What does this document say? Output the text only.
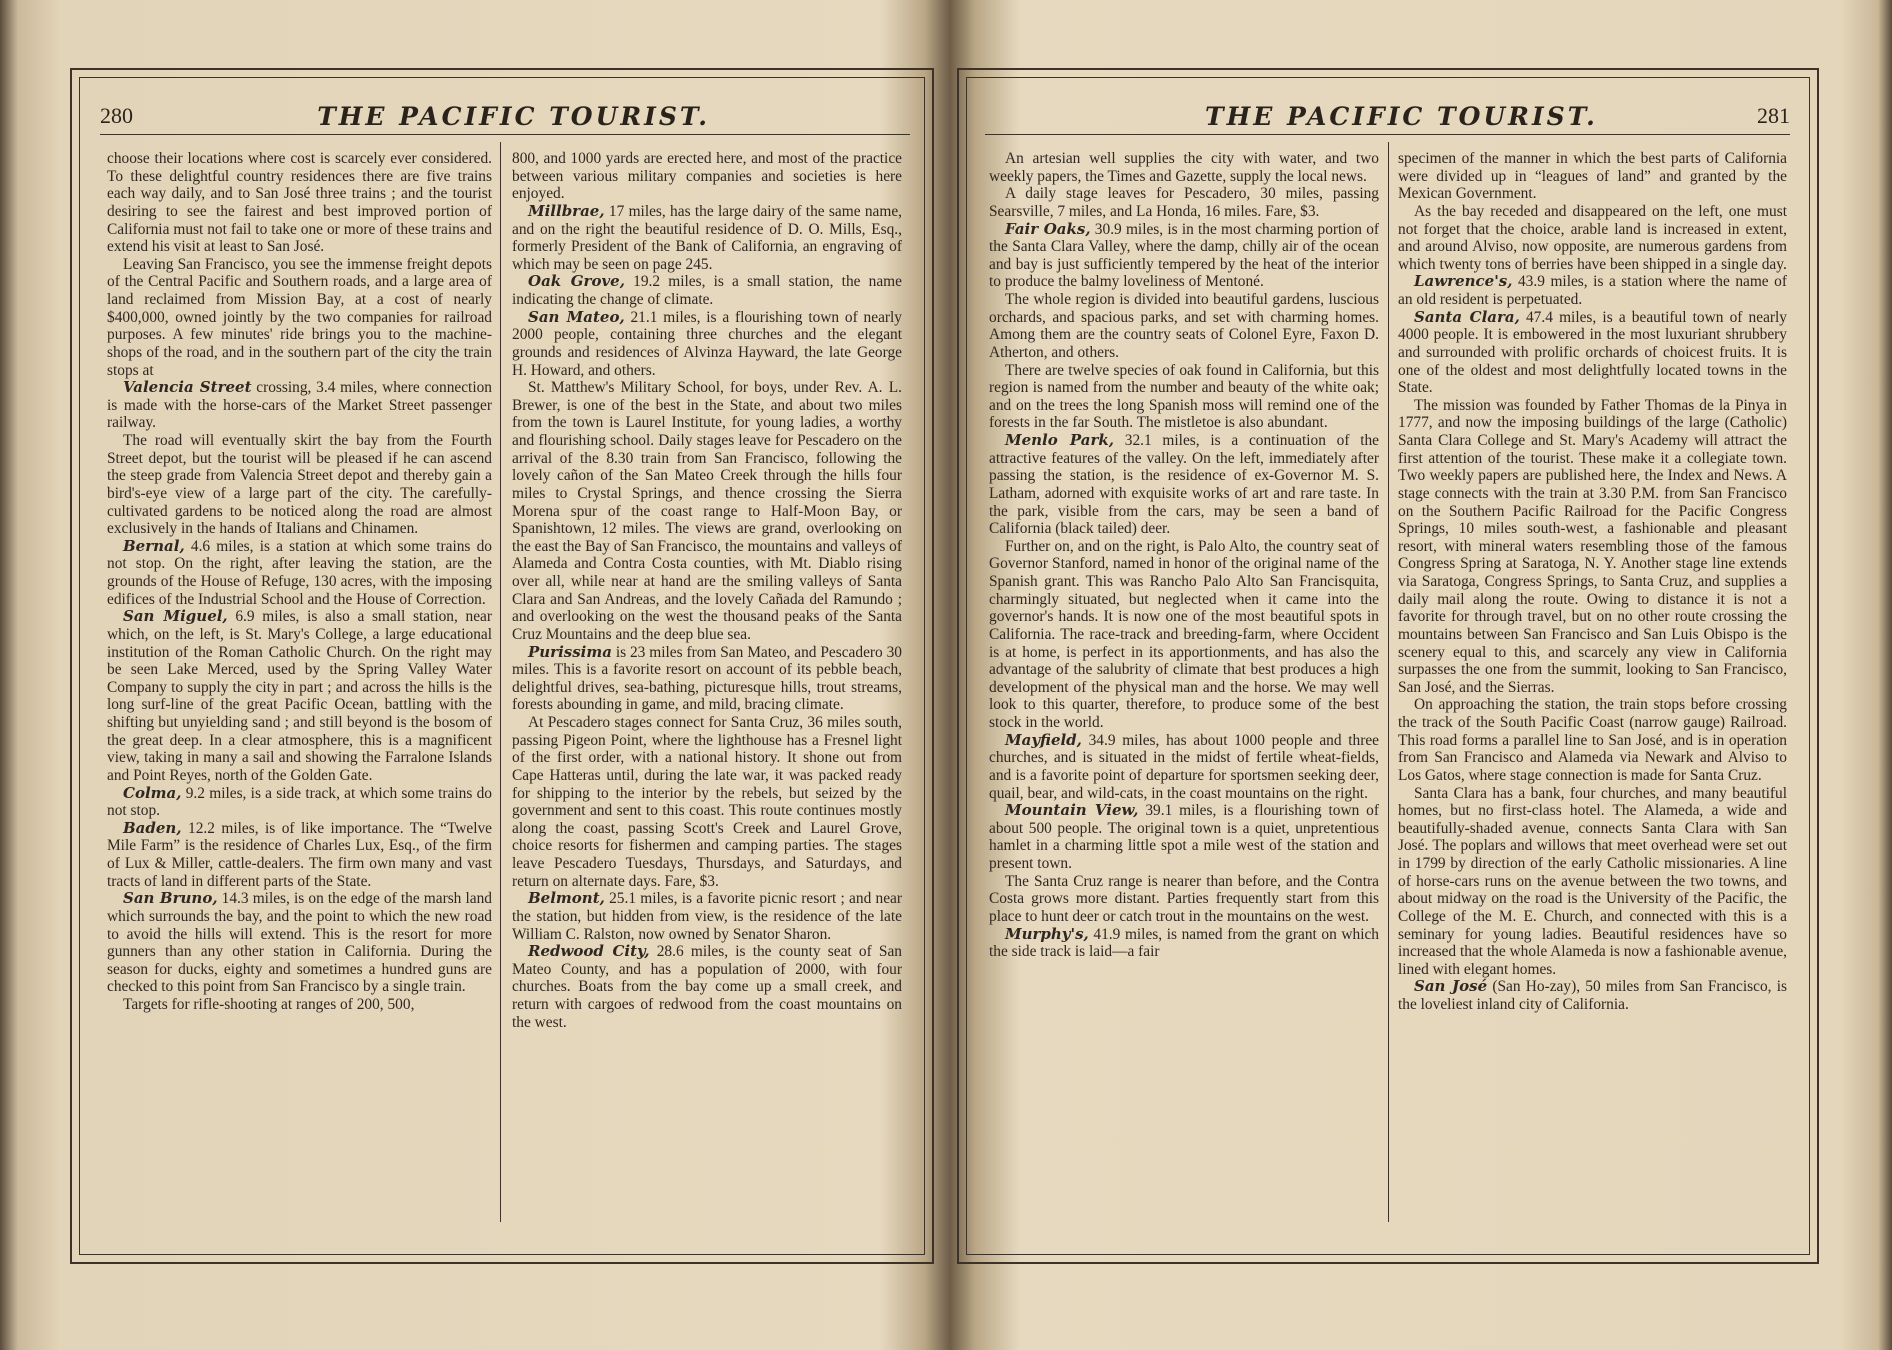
280	THE PACIFIC TOURIST.	THE PACIFIC TOURIST.	281

choose their locations where cost is scarcely ever considered. To these delightful country residences there are five trains each way daily, and to San José three trains ; and the tourist desiring to see the fairest and best improved portion of California must not fail to take one or more of these trains and extend his visit at least to San José.

Leaving San Francisco, you see the immense freight depots of the Central Pacific and Southern roads, and a large area of land reclaimed from Mission Bay, at a cost of nearly $400,000, owned jointly by the two companies for railroad purposes. A few minutes' ride brings you to the machine-shops of the road, and in the southern part of the city the train stops at

Valencia Street crossing, 3.4 miles, where connection is made with the horse-cars of the Market Street passenger railway.

The road will eventually skirt the bay from the Fourth Street depot, but the tourist will be pleased if he can ascend the steep grade from Valencia Street depot and thereby gain a bird's-eye view of a large part of the city. The carefully-cultivated gardens to be noticed along the road are almost exclusively in the hands of Italians and Chinamen.

Bernal, 4.6 miles, is a station at which some trains do not stop. On the right, after leaving the station, are the grounds of the House of Refuge, 130 acres, with the imposing edifices of the Industrial School and the House of Correction.

San Miguel, 6.9 miles, is also a small station, near which, on the left, is St. Mary's College, a large educational institution of the Roman Catholic Church. On the right may be seen Lake Merced, used by the Spring Valley Water Company to supply the city in part ; and across the hills is the long surf-line of the great Pacific Ocean, battling with the shifting but unyielding sand ; and still beyond is the bosom of the great deep. In a clear atmosphere, this is a magnificent view, taking in many a sail and showing the Farralone Islands and Point Reyes, north of the Golden Gate.

Colma, 9.2 miles, is a side track, at which some trains do not stop.

Baden, 12.2 miles, is of like importance. The “Twelve Mile Farm” is the residence of Charles Lux, Esq., of the firm of Lux & Miller, cattle-dealers. The firm own many and vast tracts of land in different parts of the State.

San Bruno, 14.3 miles, is on the edge of the marsh land which surrounds the bay, and the point to which the new road to avoid the hills will extend. This is the resort for more gunners than any other station in California. During the season for ducks, eighty and sometimes a hundred guns are checked to this point from San Francisco by a single train.

Targets for rifle-shooting at ranges of 200, 500,

800, and 1000 yards are erected here, and most of the practice between various military companies and societies is here enjoyed.

Millbrae, 17 miles, has the large dairy of the same name, and on the right the beautiful residence of D. O. Mills, Esq., formerly President of the Bank of California, an engraving of which may be seen on page 245.

Oak Grove, 19.2 miles, is a small station, the name indicating the change of climate.

San Mateo, 21.1 miles, is a flourishing town of nearly 2000 people, containing three churches and the elegant grounds and residences of Alvinza Hayward, the late George H. Howard, and others.

St. Matthew's Military School, for boys, under Rev. A. L. Brewer, is one of the best in the State, and about two miles from the town is Laurel Institute, for young ladies, a worthy and flourishing school. Daily stages leave for Pescadero on the arrival of the 8.30 train from San Francisco, following the lovely cañon of the San Mateo Creek through the hills four miles to Crystal Springs, and thence crossing the Sierra Morena spur of the coast range to Half-Moon Bay, or Spanishtown, 12 miles. The views are grand, overlooking on the east the Bay of San Francisco, the mountains and valleys of Alameda and Contra Costa counties, with Mt. Diablo rising over all, while near at hand are the smiling valleys of Santa Clara and San Andreas, and the lovely Cañada del Ramundo ; and overlooking on the west the thousand peaks of the Santa Cruz Mountains and the deep blue sea.

Purissima is 23 miles from San Mateo, and Pescadero 30 miles. This is a favorite resort on account of its pebble beach, delightful drives, sea-bathing, picturesque hills, trout streams, forests abounding in game, and mild, bracing climate.

At Pescadero stages connect for Santa Cruz, 36 miles south, passing Pigeon Point, where the lighthouse has a Fresnel light of the first order, with a national history. It shone out from Cape Hatteras until, during the late war, it was packed ready for shipping to the interior by the rebels, but seized by the government and sent to this coast. This route continues mostly along the coast, passing Scott's Creek and Laurel Grove, choice resorts for fishermen and camping parties. The stages leave Pescadero Tuesdays, Thursdays, and Saturdays, and return on alternate days. Fare, $3.

Belmont, 25.1 miles, is a favorite picnic resort ; and near the station, but hidden from view, is the residence of the late William C. Ralston, now owned by Senator Sharon.

Redwood City, 28.6 miles, is the county seat of San Mateo County, and has a population of 2000, with four churches. Boats from the bay come up a small creek, and return with cargoes of redwood from the coast mountains on the west.

An artesian well supplies the city with water, and two weekly papers, the Times and Gazette, supply the local news.

A daily stage leaves for Pescadero, 30 miles, passing Searsville, 7 miles, and La Honda, 16 miles. Fare, $3.

Fair Oaks, 30.9 miles, is in the most charming portion of the Santa Clara Valley, where the damp, chilly air of the ocean and bay is just sufficiently tempered by the heat of the interior to produce the balmy loveliness of Mentoné.

The whole region is divided into beautiful gardens, luscious orchards, and spacious parks, and set with charming homes. Among them are the country seats of Colonel Eyre, Faxon D. Atherton, and others.

There are twelve species of oak found in California, but this region is named from the number and beauty of the white oak; and on the trees the long Spanish moss will remind one of the forests in the far South. The mistletoe is also abundant.

Menlo Park, 32.1 miles, is a continuation of the attractive features of the valley. On the left, immediately after passing the station, is the residence of ex-Governor M. S. Latham, adorned with exquisite works of art and rare taste. In the park, visible from the cars, may be seen a band of California (black tailed) deer.

Further on, and on the right, is Palo Alto, the country seat of Governor Stanford, named in honor of the original name of the Spanish grant. This was Rancho Palo Alto San Francisquita, charmingly situated, but neglected when it came into the governor's hands. It is now one of the most beautiful spots in California. The race-track and breeding-farm, where Occident is at home, is perfect in its apportionments, and has also the advantage of the salubrity of climate that best produces a high development of the physical man and the horse. We may well look to this quarter, therefore, to produce some of the best stock in the world.

Mayfield, 34.9 miles, has about 1000 people and three churches, and is situated in the midst of fertile wheat-fields, and is a favorite point of departure for sportsmen seeking deer, quail, bear, and wild-cats, in the coast mountains on the right.

Mountain View, 39.1 miles, is a flourishing town of about 500 people. The original town is a quiet, unpretentious hamlet in a charming little spot a mile west of the station and present town.

The Santa Cruz range is nearer than before, and the Contra Costa grows more distant. Parties frequently start from this place to hunt deer or catch trout in the mountains on the west.

Murphy's, 41.9 miles, is named from the grant on which the side track is laid—a fair

specimen of the manner in which the best parts of California were divided up in “leagues of land” and granted by the Mexican Government.

As the bay receded and disappeared on the left, one must not forget that the choice, arable land is increased in extent, and around Alviso, now opposite, are numerous gardens from which twenty tons of berries have been shipped in a single day.

Lawrence's, 43.9 miles, is a station where the name of an old resident is perpetuated.

Santa Clara, 47.4 miles, is a beautiful town of nearly 4000 people. It is embowered in the most luxuriant shrubbery and surrounded with prolific orchards of choicest fruits. It is one of the oldest and most delightfully located towns in the State.

The mission was founded by Father Thomas de la Pinya in 1777, and now the imposing buildings of the large (Catholic) Santa Clara College and St. Mary's Academy will attract the first attention of the tourist. These make it a collegiate town. Two weekly papers are published here, the Index and News. A stage connects with the train at 3.30 P.M. from San Francisco on the Southern Pacific Railroad for the Pacific Congress Springs, 10 miles south-west, a fashionable and pleasant resort, with mineral waters resembling those of the famous Congress Spring at Saratoga, N. Y. Another stage line extends via Saratoga, Congress Springs, to Santa Cruz, and supplies a daily mail along the route. Owing to distance it is not a favorite for through travel, but on no other route crossing the mountains between San Francisco and San Luis Obispo is the scenery equal to this, and scarcely any view in California surpasses the one from the summit, looking to San Francisco, San José, and the Sierras.

On approaching the station, the train stops before crossing the track of the South Pacific Coast (narrow gauge) Railroad. This road forms a parallel line to San José, and is in operation from San Francisco and Alameda via Newark and Alviso to Los Gatos, where stage connection is made for Santa Cruz.

Santa Clara has a bank, four churches, and many beautiful homes, but no first-class hotel. The Alameda, a wide and beautifully-shaded avenue, connects Santa Clara with San José. The poplars and willows that meet overhead were set out in 1799 by direction of the early Catholic missionaries. A line of horse-cars runs on the avenue between the two towns, and about midway on the road is the University of the Pacific, the College of the M. E. Church, and connected with this is a seminary for young ladies. Beautiful residences have so increased that the whole Alameda is now a fashionable avenue, lined with elegant homes.

San José (San Ho-zay), 50 miles from San Francisco, is the loveliest inland city of California.
